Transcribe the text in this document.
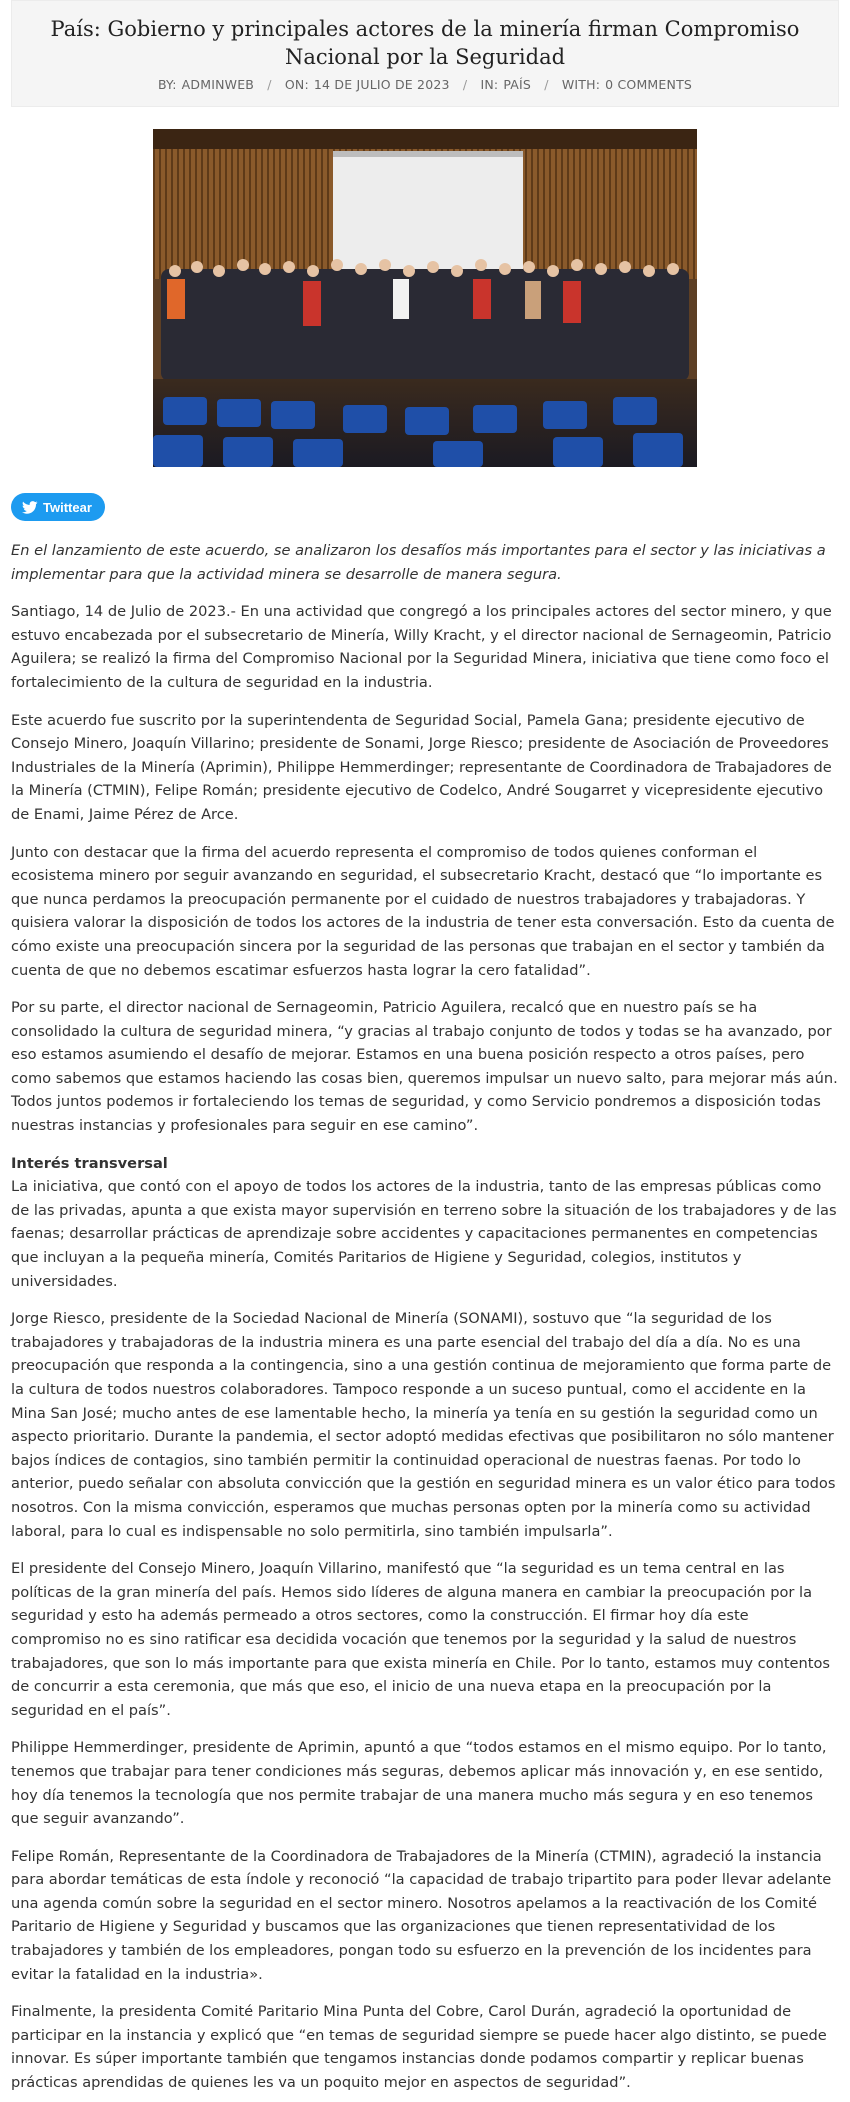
País: Gobierno y principales actores de la minería firman Compromiso Nacional por la Seguridad
BY: ADMINWEB / ON: 14 DE JULIO DE 2023 / IN: PAÍS / WITH: 0 COMMENTS
Twittear

En el lanzamiento de este acuerdo, se analizaron los desafíos más importantes para el sector y las iniciativas a implementar para que la actividad minera se desarrolle de manera segura.

Santiago, 14 de Julio de 2023.- En una actividad que congregó a los principales actores del sector minero, y que estuvo encabezada por el subsecretario de Minería, Willy Kracht, y el director nacional de Sernageomin, Patricio Aguilera; se realizó la firma del Compromiso Nacional por la Seguridad Minera, iniciativa que tiene como foco el fortalecimiento de la cultura de seguridad en la industria.

Este acuerdo fue suscrito por la superintendenta de Seguridad Social, Pamela Gana; presidente ejecutivo de Consejo Minero, Joaquín Villarino; presidente de Sonami, Jorge Riesco; presidente de Asociación de Proveedores Industriales de la Minería (Aprimin), Philippe Hemmerdinger; representante de Coordinadora de Trabajadores de la Minería (CTMIN), Felipe Román; presidente ejecutivo de Codelco, André Sougarret y vicepresidente ejecutivo de Enami, Jaime Pérez de Arce.

Junto con destacar que la firma del acuerdo representa el compromiso de todos quienes conforman el ecosistema minero por seguir avanzando en seguridad, el subsecretario Kracht, destacó que “lo importante es que nunca perdamos la preocupación permanente por el cuidado de nuestros trabajadores y trabajadoras. Y quisiera valorar la disposición de todos los actores de la industria de tener esta conversación. Esto da cuenta de cómo existe una preocupación sincera por la seguridad de las personas que trabajan en el sector y también da cuenta de que no debemos escatimar esfuerzos hasta lograr la cero fatalidad”.

Por su parte, el director nacional de Sernageomin, Patricio Aguilera, recalcó que en nuestro país se ha consolidado la cultura de seguridad minera, “y gracias al trabajo conjunto de todos y todas se ha avanzado, por eso estamos asumiendo el desafío de mejorar. Estamos en una buena posición respecto a otros países, pero como sabemos que estamos haciendo las cosas bien, queremos impulsar un nuevo salto, para mejorar más aún. Todos juntos podemos ir fortaleciendo los temas de seguridad, y como Servicio pondremos a disposición todas nuestras instancias y profesionales para seguir en ese camino”.

Interés transversal

La iniciativa, que contó con el apoyo de todos los actores de la industria, tanto de las empresas públicas como de las privadas, apunta a que exista mayor supervisión en terreno sobre la situación de los trabajadores y de las faenas; desarrollar prácticas de aprendizaje sobre accidentes y capacitaciones permanentes en competencias que incluyan a la pequeña minería, Comités Paritarios de Higiene y Seguridad, colegios, institutos y universidades.

Jorge Riesco, presidente de la Sociedad Nacional de Minería (SONAMI), sostuvo que “la seguridad de los trabajadores y trabajadoras de la industria minera es una parte esencial del trabajo del día a día. No es una preocupación que responda a la contingencia, sino a una gestión continua de mejoramiento que forma parte de la cultura de todos nuestros colaboradores. Tampoco responde a un suceso puntual, como el accidente en la Mina San José; mucho antes de ese lamentable hecho, la minería ya tenía en su gestión la seguridad como un aspecto prioritario. Durante la pandemia, el sector adoptó medidas efectivas que posibilitaron no sólo mantener bajos índices de contagios, sino también permitir la continuidad operacional de nuestras faenas. Por todo lo anterior, puedo señalar con absoluta convicción que la gestión en seguridad minera es un valor ético para todos nosotros. Con la misma convicción, esperamos que muchas personas opten por la minería como su actividad laboral, para lo cual es indispensable no solo permitirla, sino también impulsarla”.

El presidente del Consejo Minero, Joaquín Villarino, manifestó que “la seguridad es un tema central en las políticas de la gran minería del país. Hemos sido líderes de alguna manera en cambiar la preocupación por la seguridad y esto ha además permeado a otros sectores, como la construcción. El firmar hoy día este compromiso no es sino ratificar esa decidida vocación que tenemos por la seguridad y la salud de nuestros trabajadores, que son lo más importante para que exista minería en Chile. Por lo tanto, estamos muy contentos de concurrir a esta ceremonia, que más que eso, el inicio de una nueva etapa en la preocupación por la seguridad en el país”.

Philippe Hemmerdinger, presidente de Aprimin, apuntó a que “todos estamos en el mismo equipo. Por lo tanto, tenemos que trabajar para tener condiciones más seguras, debemos aplicar más innovación y, en ese sentido, hoy día tenemos la tecnología que nos permite trabajar de una manera mucho más segura y en eso tenemos que seguir avanzando”.

Felipe Román, Representante de la Coordinadora de Trabajadores de la Minería (CTMIN), agradeció la instancia para abordar temáticas de esta índole y reconoció “la capacidad de trabajo tripartito para poder llevar adelante una agenda común sobre la seguridad en el sector minero. Nosotros apelamos a la reactivación de los Comité Paritario de Higiene y Seguridad y buscamos que las organizaciones que tienen representatividad de los trabajadores y también de los empleadores, pongan todo su esfuerzo en la prevención de los incidentes para evitar la fatalidad en la industria».

Finalmente, la presidenta Comité Paritario Mina Punta del Cobre, Carol Durán, agradeció la oportunidad de participar en la instancia y explicó que “en temas de seguridad siempre se puede hacer algo distinto, se puede innovar. Es súper importante también que tengamos instancias donde podamos compartir y replicar buenas prácticas aprendidas de quienes les va un poquito mejor en aspectos de seguridad”.
